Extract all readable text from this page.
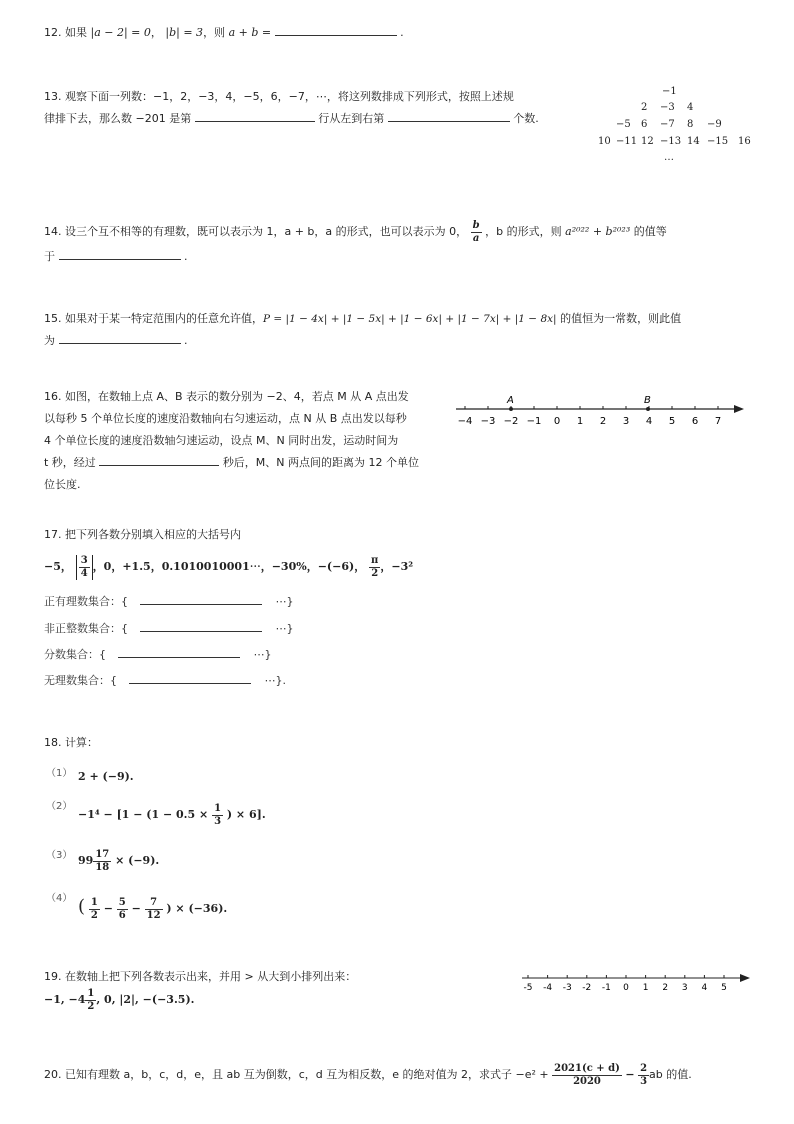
12. 如果 |a − 2| = 0， |b| = 3，则 a + b =	.
13. 观察下面一列数：−1，2，−3，4，−5，6，−7，⋯，将这列数排成下列形式，按照上述规
律排下去，那么数 −201 是第	行从左到右第	个数.
−1
2 −3 4
−5 6 −7 8 −9
10 −11 12 −13 14 −15 16
…
14. 设三个互不相等的有理数，既可以表示为 1，a + b，a 的形式，也可以表示为 0， $\frac{b}{a}$ ，b 的形式，则 a²⁰²² + b²⁰²³ 的值等
于	.
15. 如果对于某一特定范围内的任意允许值，P = |1 − 4x| + |1 − 5x| + |1 − 6x| + |1 − 7x| + |1 − 8x| 的值恒为一常数，则此值
为	.
16. 如图，在数轴上点 A、B 表示的数分别为 −2、4，若点 M 从 A 点出发
以每秒 5 个单位长度的速度沿数轴向右匀速运动，点 N 从 B 点出发以每秒
4 个单位长度的速度沿数轴匀速运动，设点 M、N 同时出发，运动时间为
t 秒，经过	秒后，M、N 两点间的距离为 12 个单位
位长度.
−4 −3 −2 −1 0 1 2 3 4 5 6 7
A	B
17. 把下列各数分别填入相应的大括号内
−5， $\frac{3}{4}$ ，0，+1.5，0.1010010001⋯，−30%，−(−6)， $\frac{\pi}{2}$ ，−3²
正有理数集合：{	⋯}
非正整数集合：{	⋯}
分数集合：{	⋯}
无理数集合：{	⋯}.
18. 计算：
（1） 2 + (−9).
（2）
$-1^4 - [1 - (1 - 0.5 \times \frac{1}{3}$ ) × 6].
（3） $99 \frac{17}{18} \times (-9)$.
（4） ( $\frac{1}{2} - \frac{5}{6} - \frac{7}{12}$ ) × (−36).
19. 在数轴上把下列各数表示出来，并用 > 从大到小排列出来：
−1, $-4 \frac{1}{2}$ , 0, |2|, −(−3.5).
-5 -4 -3 -2 -1 0 1 2 3 4 5
20. 已知有理数 a，b，c，d，e，且 ab 互为倒数，c，d 互为相反数，e 的绝对值为 2，求式子 $-e^2 + \frac{2021(c + d)}{2020} - \frac{2}{3}$ ab 的值.
